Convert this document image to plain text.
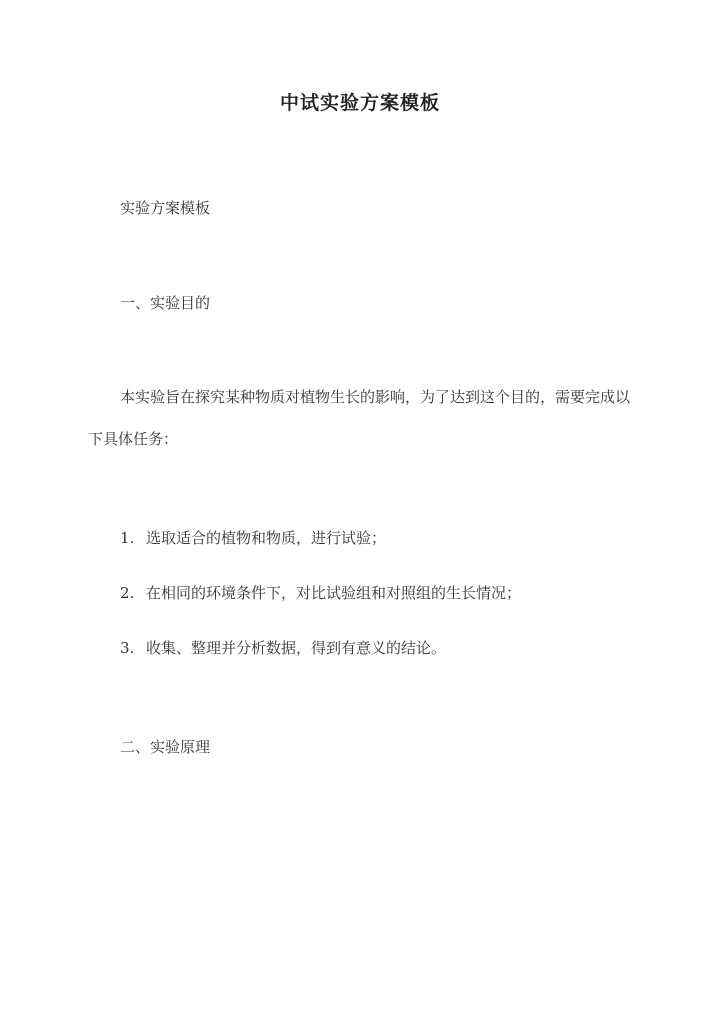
中试实验方案模板
实验方案模板
一、实验目的
本实验旨在探究某种物质对植物生长的影响，为了达到这个目的，需要完成以下具体任务：
1. 选取适合的植物和物质，进行试验；
2. 在相同的环境条件下，对比试验组和对照组的生长情况；
3. 收集、整理并分析数据，得到有意义的结论。
二、实验原理
